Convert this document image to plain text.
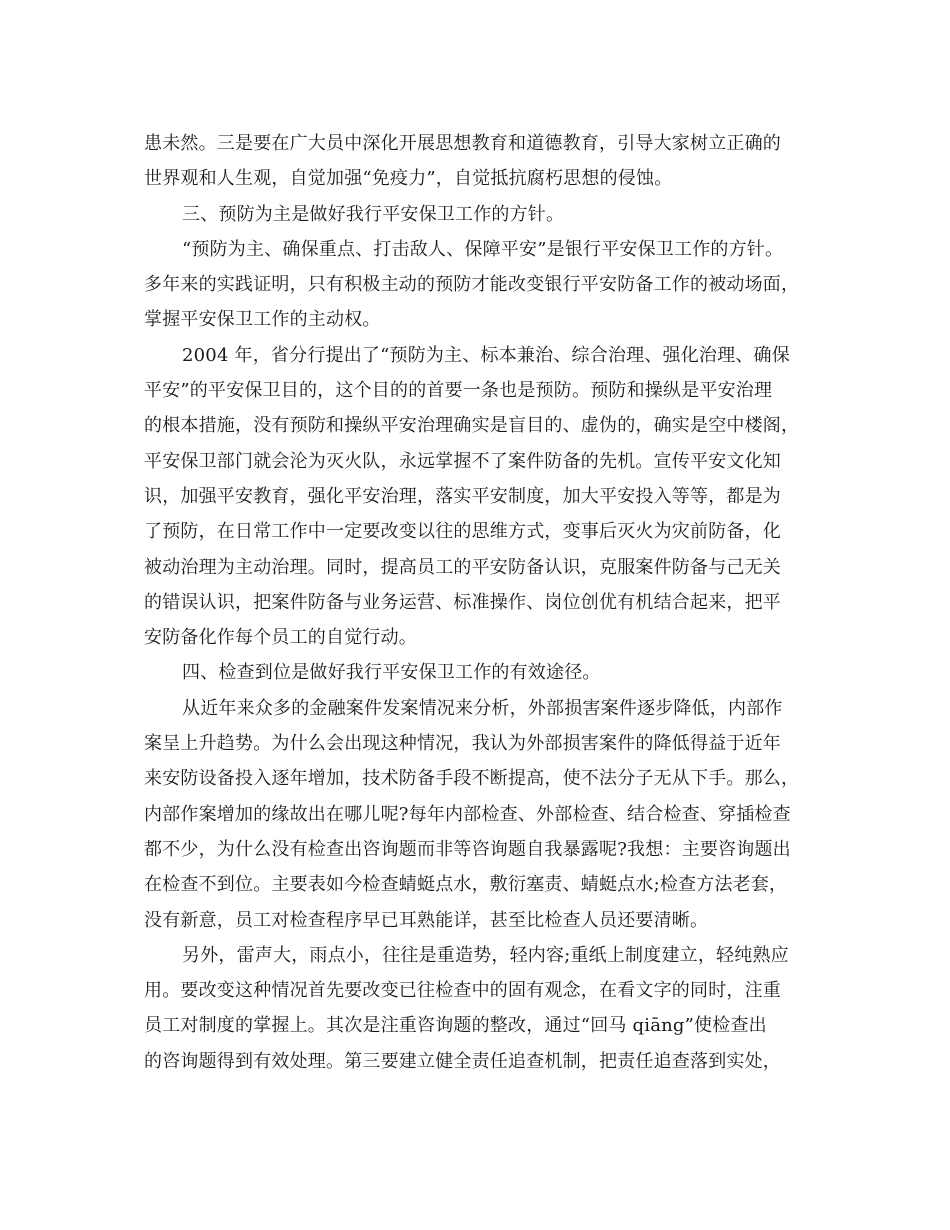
患未然。三是要在广大员中深化开展思想教育和道德教育，引导大家树立正确的
世界观和人生观，自觉加强“免疫力”，自觉抵抗腐朽思想的侵蚀。
三、预防为主是做好我行平安保卫工作的方针。
“预防为主、确保重点、打击敌人、保障平安”是银行平安保卫工作的方针。
多年来的实践证明，只有积极主动的预防才能改变银行平安防备工作的被动场面，
掌握平安保卫工作的主动权。
2004 年，省分行提出了“预防为主、标本兼治、综合治理、强化治理、确保
平安”的平安保卫目的，这个目的的首要一条也是预防。预防和操纵是平安治理
的根本措施，没有预防和操纵平安治理确实是盲目的、虚伪的，确实是空中楼阁，
平安保卫部门就会沦为灭火队，永远掌握不了案件防备的先机。宣传平安文化知
识，加强平安教育，强化平安治理，落实平安制度，加大平安投入等等，都是为
了预防，在日常工作中一定要改变以往的思维方式，变事后灭火为灾前防备，化
被动治理为主动治理。同时，提高员工的平安防备认识，克服案件防备与己无关
的错误认识，把案件防备与业务运营、标准操作、岗位创优有机结合起来，把平
安防备化作每个员工的自觉行动。
四、检查到位是做好我行平安保卫工作的有效途径。
从近年来众多的金融案件发案情况来分析，外部损害案件逐步降低，内部作
案呈上升趋势。为什么会出现这种情况，我认为外部损害案件的降低得益于近年
来安防设备投入逐年增加，技术防备手段不断提高，使不法分子无从下手。那么，
内部作案增加的缘故出在哪儿呢?每年内部检查、外部检查、结合检查、穿插检查
都不少，为什么没有检查出咨询题而非等咨询题自我暴露呢?我想：主要咨询题出
在检查不到位。主要表如今检查蜻蜓点水，敷衍塞责、蜻蜓点水;检查方法老套，
没有新意，员工对检查程序早已耳熟能详，甚至比检查人员还要清晰。
另外，雷声大，雨点小，往往是重造势，轻内容;重纸上制度建立，轻纯熟应
用。要改变这种情况首先要改变已往检查中的固有观念，在看文字的同时，注重
员工对制度的掌握上。其次是注重咨询题的整改，通过“回马 qiāng”使检查出
的咨询题得到有效处理。第三要建立健全责任追查机制，把责任追查落到实处，
